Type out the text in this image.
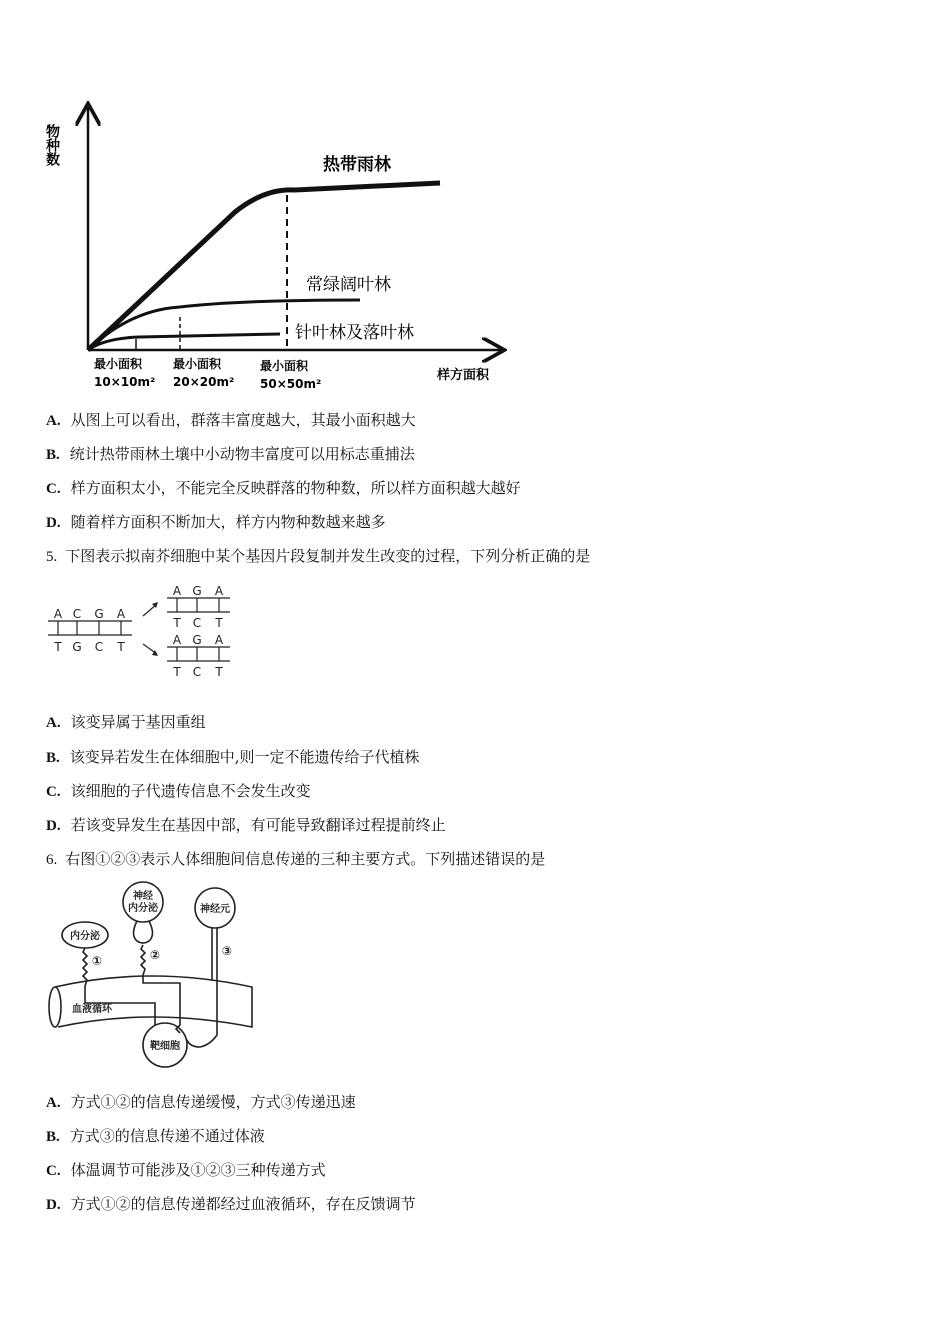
物种数	热带雨林
常绿阔叶林
针叶林及落叶林
最小面积
10×10m²
最小面积
20×20m²
最小面积
50×50m²
样方面积
A. 从图上可以看出，群落丰富度越大，其最小面积越大
B. 统计热带雨林土壤中小动物丰富度可以用标志重捕法
C. 样方面积太小，不能完全反映群落的物种数，所以样方面积越大越好
D. 随着样方面积不断加大，样方内物种数越来越多
5. 下图表示拟南芥细胞中某个基因片段复制并发生改变的过程，下列分析正确的是
A C G A
T G C T
A G A
T C T
A G A
T C T
A. 该变异属于基因重组
B. 该变异若发生在体细胞中,则一定不能遗传给子代植株
C. 该细胞的子代遗传信息不会发生改变
D. 若该变异发生在基因中部，有可能导致翻译过程提前终止
6. 右图①②③表示人体细胞间信息传递的三种主要方式。下列描述错误的是
内分泌
神经
内分泌	神经元
血液循环
靶细胞
①	②	③
A. 方式①②的信息传递缓慢，方式③传递迅速
B. 方式③的信息传递不通过体液
C. 体温调节可能涉及①②③三种传递方式
D. 方式①②的信息传递都经过血液循环，存在反馈调节
